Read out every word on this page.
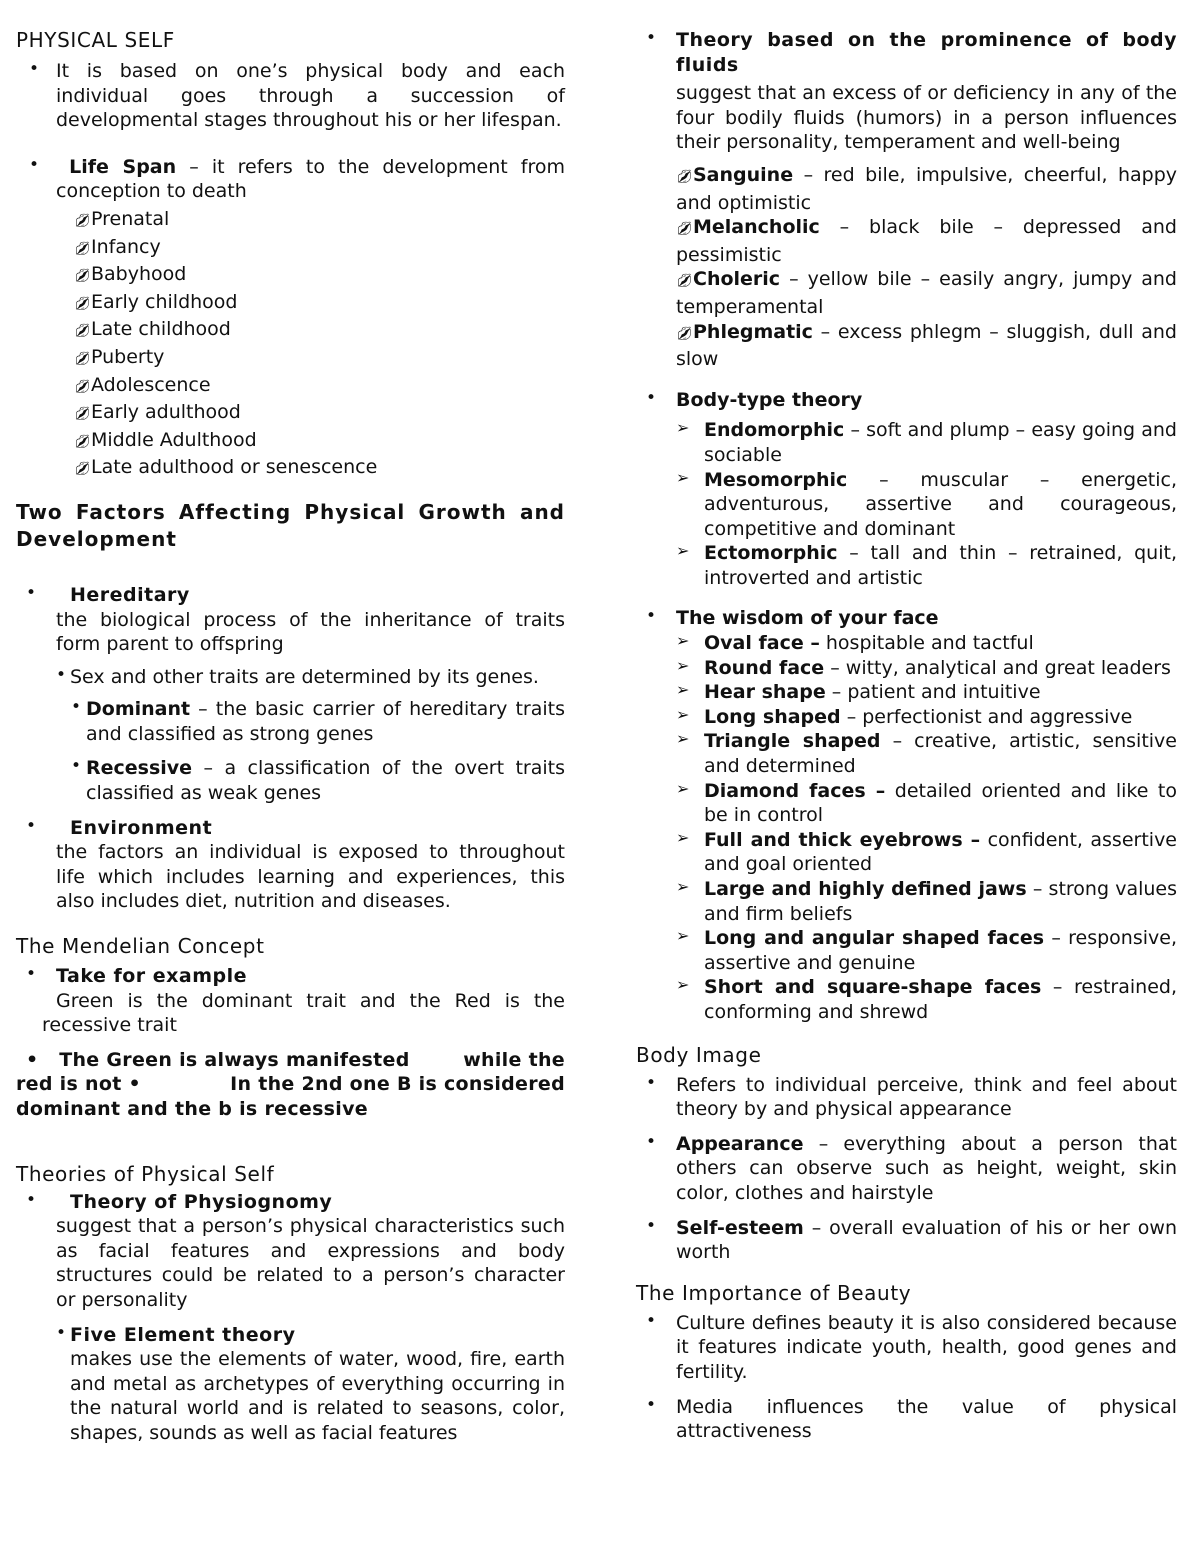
PHYSICAL SELF
• It is based on one’s physical body and each individual goes through a succession of developmental stages throughout his or her lifespan.

•	Life Span – it refers to the development from conception to death

💋︎Prenatal
💋︎Infancy
💋︎Babyhood
💋︎Early childhood
💋︎Late childhood
💋︎Puberty
💋︎Adolescence
💋︎Early adulthood
💋︎Middle Adulthood
💋︎Late adulthood or senescence
Two Factors Affecting Physical Growth and Development
• Hereditary

the biological process of the inheritance of traits form parent to offspring

• Sex and other traits are determined by its genes.

• Dominant – the basic carrier of hereditary traits and classified as strong genes

• Recessive – a classification of the overt traits classified as weak genes

• Environment

the factors an individual is exposed to throughout life which includes learning and experiences, this also includes diet, nutrition and diseases.

The Mendelian Concept
• Take for example

Green is the dominant trait and the Red is the recessive trait

• The Green is always manifested	while the

red is not •	In the 2nd one B is considered

dominant and the b is recessive

Theories of Physical Self
• Theory of Physiognomy

suggest that a person’s physical characteristics such as facial features and expressions and body structures could be related to a person’s character or personality

• Five Element theory

makes use the elements of water, wood, fire, earth and metal as archetypes of everything occurring in the natural world and is related to seasons, color, shapes, sounds as well as facial features

• Theory based on the prominence of body fluids

suggest that an excess of or deficiency in any of the four bodily fluids (humors) in a person influences their personality, temperament and well-being

💋︎Sanguine – red bile, impulsive, cheerful, happy and optimistic

💋︎Melancholic – black bile – depressed and pessimistic

💋︎Choleric – yellow bile – easily angry, jumpy and temperamental

💋︎Phlegmatic – excess phlegm – sluggish, dull and slow

• Body-type theory

➢ Endomorphic – soft and plump – easy going and sociable

➢ Mesomorphic – muscular – energetic, adventurous, assertive and courageous, competitive and dominant

➢ Ectomorphic – tall and thin – retrained, quit, introverted and artistic

• The wisdom of your face

➢ Oval face – hospitable and tactful

➢ Round face – witty, analytical and great leaders

➢ Hear shape – patient and intuitive

➢ Long shaped – perfectionist and aggressive

➢ Triangle shaped – creative, artistic, sensitive and determined

➢ Diamond faces – detailed oriented and like to be in control

➢ Full and thick eyebrows – confident, assertive and goal oriented

➢ Large and highly defined jaws – strong values and firm beliefs

➢ Long and angular shaped faces – responsive, assertive and genuine

➢ Short and square-shape faces – restrained, conforming and shrewd

Body Image
• Refers to individual perceive, think and feel about theory by and physical appearance

• Appearance – everything about a person that others can observe such as height, weight, skin color, clothes and hairstyle

• Self-esteem – overall evaluation of his or her own worth

The Importance of Beauty
• Culture defines beauty it is also considered because it features indicate youth, health, good genes and fertility.

• Media influences the value of physical attractiveness
